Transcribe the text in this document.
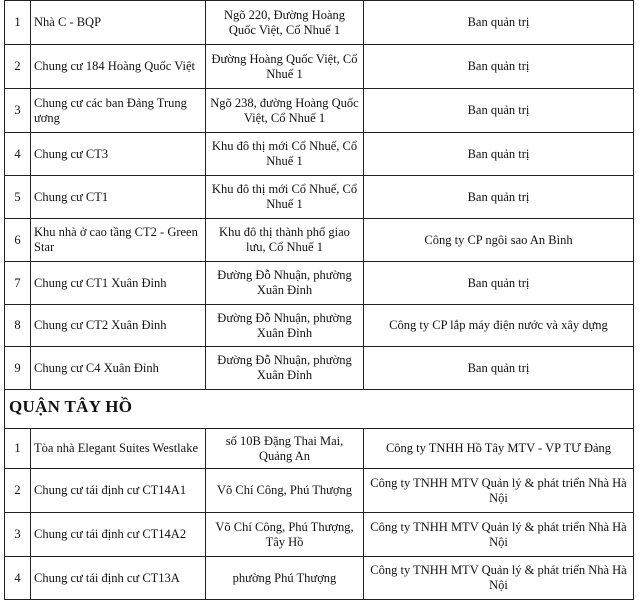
1	Nhà C - BQP	Ngõ 220, Đường Hoàng Quốc Việt, Cổ Nhuế 1	Ban quản trị
2	Chung cư 184 Hoàng Quốc Việt	Đường Hoàng Quốc Việt, Cổ Nhuế 1	Ban quản trị
3	Chung cư các ban Đảng Trung ương	Ngõ 238, đường Hoàng Quốc Việt, Cổ Nhuế 1	Ban quản trị
4	Chung cư CT3	Khu đô thị mới Cổ Nhuế, Cổ Nhuế 1	Ban quản trị
5	Chung cư CT1	Khu đô thị mới Cổ Nhuế, Cổ Nhuế 1	Ban quản trị
6	Khu nhà ở cao tầng CT2 - Green Star	Khu đô thị thành phố giao lưu, Cổ Nhuế 1	Công ty CP ngôi sao An Bình
7	Chung cư CT1 Xuân Đỉnh	Đường Đỗ Nhuận, phường Xuân Đỉnh	Ban quản trị
8	Chung cư CT2 Xuân Đỉnh	Đường Đỗ Nhuận, phường Xuân Đỉnh	Công ty CP lắp máy điện nước và xây dựng
9	Chung cư C4 Xuân Đỉnh	Đường Đỗ Nhuận, phường Xuân Đỉnh	Ban quản trị
QUẬN TÂY HỒ
1	Tòa nhà Elegant Suites Westlake	số 10B Đặng Thai Mai, Quảng An	Công ty TNHH Hồ Tây MTV - VP TƯ Đảng
2	Chung cư tái định cư CT14A1	Võ Chí Công, Phú Thượng	Công ty TNHH MTV Quản lý & phát triển Nhà Hà Nội
3	Chung cư tái định cư CT14A2	Võ Chí Công, Phú Thượng, Tây Hồ	Công ty TNHH MTV Quản lý & phát triển Nhà Hà Nội
4	Chung cư tái định cư CT13A	phường Phú Thượng	Công ty TNHH MTV Quản lý & phát triển Nhà Hà Nội
